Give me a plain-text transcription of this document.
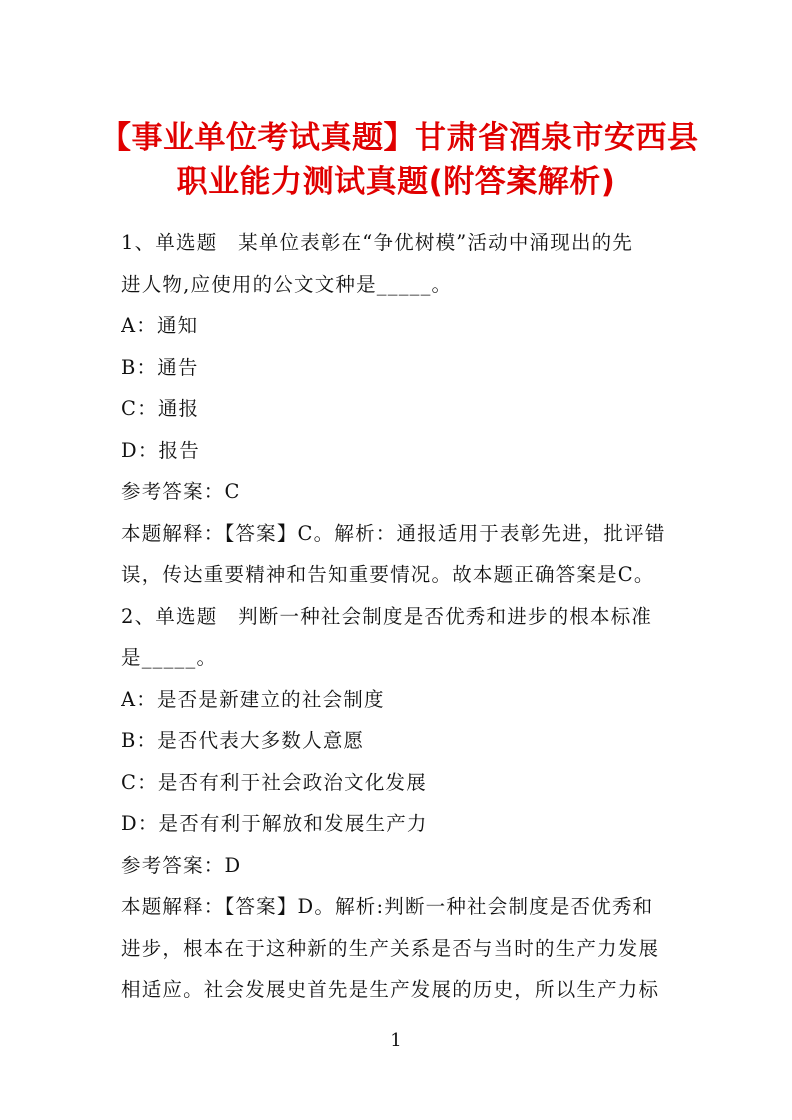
【事业单位考试真题】甘肃省酒泉市安西县
职业能力测试真题(附答案解析)
1、单选题　某单位表彰在“争优树模”活动中涌现出的先
进人物,应使用的公文文种是_____。
A：通知
B：通告
C：通报
D：报告
参考答案：C
本题解释：【答案】C。解析：通报适用于表彰先进，批评错
误，传达重要精神和告知重要情况。故本题正确答案是C。
2、单选题　判断一种社会制度是否优秀和进步的根本标准
是_____。
A：是否是新建立的社会制度
B：是否代表大多数人意愿
C：是否有利于社会政治文化发展
D：是否有利于解放和发展生产力
参考答案：D
本题解释：【答案】D。解析:判断一种社会制度是否优秀和
进步，根本在于这种新的生产关系是否与当时的生产力发展
相适应。社会发展史首先是生产发展的历史，所以生产力标
1
